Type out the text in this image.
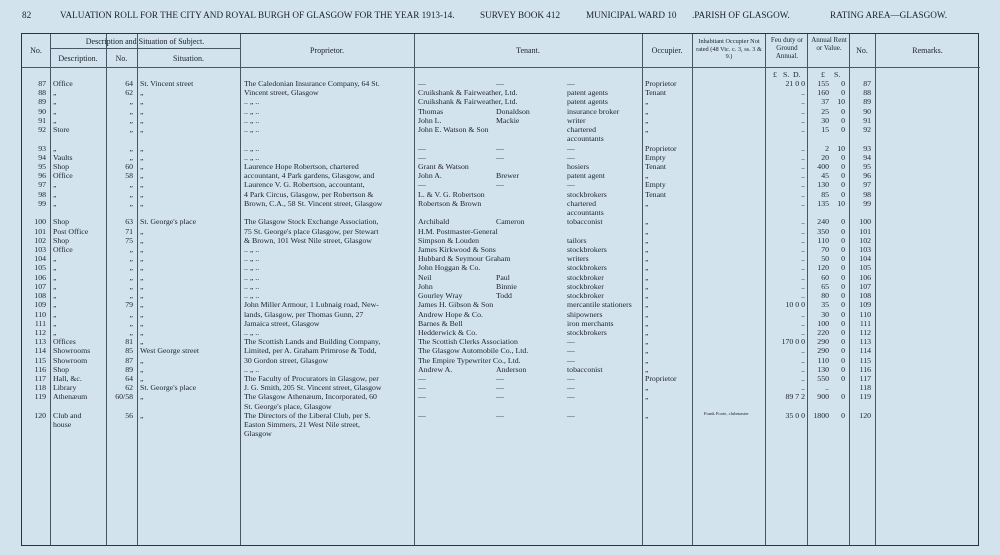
82	VALUATION ROLL FOR THE CITY AND ROYAL BURGH OF GLASGOW FOR THE YEAR 1913-14.	SURVEY BOOK 412	MUNICIPAL WARD 10 .PARISH OF GLASGOW.	RATING AREA—GLASGOW.
No.
Description and Situation of Subject.
Description.	No.	Situation.
Proprietor.	Tenant.	Occupier.
Inhabitant Occupier Not rated (48 Vic. c. 3, ss. 3 & 9.)
Feu duty or Ground Annual.
Annual Rent or Value.	No.	Remarks.
£ S. D.	£ S.
87 Office	64 St. Vincent street	The Caledonian Insurance Company, 64 St.	—	—	—	Proprietor	21 0 0	155	0	87
88 „	62 „	Vincent street, Glasgow	Cruikshank & Fairweather, Ltd.	patent agents	Tenant	..	160	0	88
89 „	„ „	.. „ ..	Cruikshank & Fairweather, Ltd.	patent agents	„	..	37	10	89
90 „	„ „	.. „ ..	Thomas	Donaldson	insurance broker	„	..	25	0	90
91 „	„ „	.. „ ..	John L.	Mackie	writer	„	..	30	0	91
92 Store	„ „	.. „ ..	John E. Watson & Son	chartered	„	..	15	0	92
accountants
93 „	„ „	.. „ ..	—	—	—	Proprietor	..	2	10	93
94 Vaults	„ „	.. „ ..	—	—	—	Empty	..	20	0	94
95 Shop	60 „	Laurence Hope Robertson, chartered	Grant & Watson	hosiers	Tenant	..	400	0	95
96 Office	58 „	accountant, 4 Park gardens, Glasgow, and	John A.	Brewer	patent agent	„	..	45	0	96
97 „	„ „	Laurence V. G. Robertson, accountant,	—	—	—	Empty	..	130	0	97
98 „	„ „	4 Park Circus, Glasgow, per Robertson &	L. & V. G. Robertson	stockbrokers	Tenant	..	85	0	98
99 „	„ „	Brown, C.A., 58 St. Vincent street, Glasgow	Robertson & Brown	chartered	„	..	135	10	99
accountants
100 Shop	63 St. George's place	The Glasgow Stock Exchange Association,	Archibald	Cameron	tobacconist	„	..	240	0	100
101 Post Office	71 „	75 St. George's place Glasgow, per Stewart	H.M. Postmaster-General	„	..	350	0	101
102 Shop	75 „	& Brown, 101 West Nile street, Glasgow	Simpson & Louden	tailors	„	..	110	0	102
103 Office	„ „	.. „ ..	James Kirkwood & Sons	stockbrokers	„	..	70	0	103
104 „	„ „	.. „ ..	Hubbard & Seymour Graham	writers	„	..	50	0	104
105 „	„ „	.. „ ..	John Hoggan & Co.	stockbrokers	„	..	120	0	105
106 „	„ „	.. „ ..	Neil	Paul	stockbroker	„	..	60	0	106
107 „	„ „	.. „ ..	John	Binnie	stockbroker	„	..	65	0	107
108 „	„ „	.. „ ..	Gourley Wray	Todd	stockbroker	„	..	80	0	108
109 „	79 „	John Miller Armour, 1 Lubnaig road, New-	James H. Gibson & Son	mercantile stationers	„	10 0 0	35	0	109
110 „	„ „	lands, Glasgow, per Thomas Gunn, 27	Andrew Hope & Co.	shipowners	„	..	30	0	110
111 „	„ „	Jamaica street, Glasgow	Barnes & Bell	iron merchants	„	..	100	0	111
112 „	„ „	.. „ ..	Hedderwick & Co.	stockbrokers	„	..	220	0	112
113 Offices	81 „	The Scottish Lands and Building Company,	The Scottish Clerks Association	—	„	170 0 0	290	0	113
114 Showrooms	85 West George street	Limited, per A. Graham Primrose & Todd,	The Glasgow Automobile Co., Ltd.	—	„	..	290	0	114
115 Showroom	87 „	30 Gordon street, Glasgow	The Empire Typewriter Co., Ltd.	—	„	..	110	0	115
116 Shop	89 „	.. „ ..	Andrew A.	Anderson	tobacconist	„	..	130	0	116
117 Hall, &c.	64 „	The Faculty of Procurators in Glasgow, per	—	—	—	Proprietor	..	550	0	117
118 Library	62 St. George's place	J. G. Smith, 205 St. Vincent street, Glasgow	—	—	—	„	..	..	118
119 Athenæum	60/58 „	The Glasgow Athenæum, Incorporated, 60	—	—	—	„	89 7 2	900	0	119
St. George's place, Glasgow
120 Club and	56 „	The Directors of the Liberal Club, per S.	—	—	—	„	Frank Foote, clubmaster	35 0 0	1800	0	120
house	Easton Simmers, 21 West Nile street,
Glasgow
